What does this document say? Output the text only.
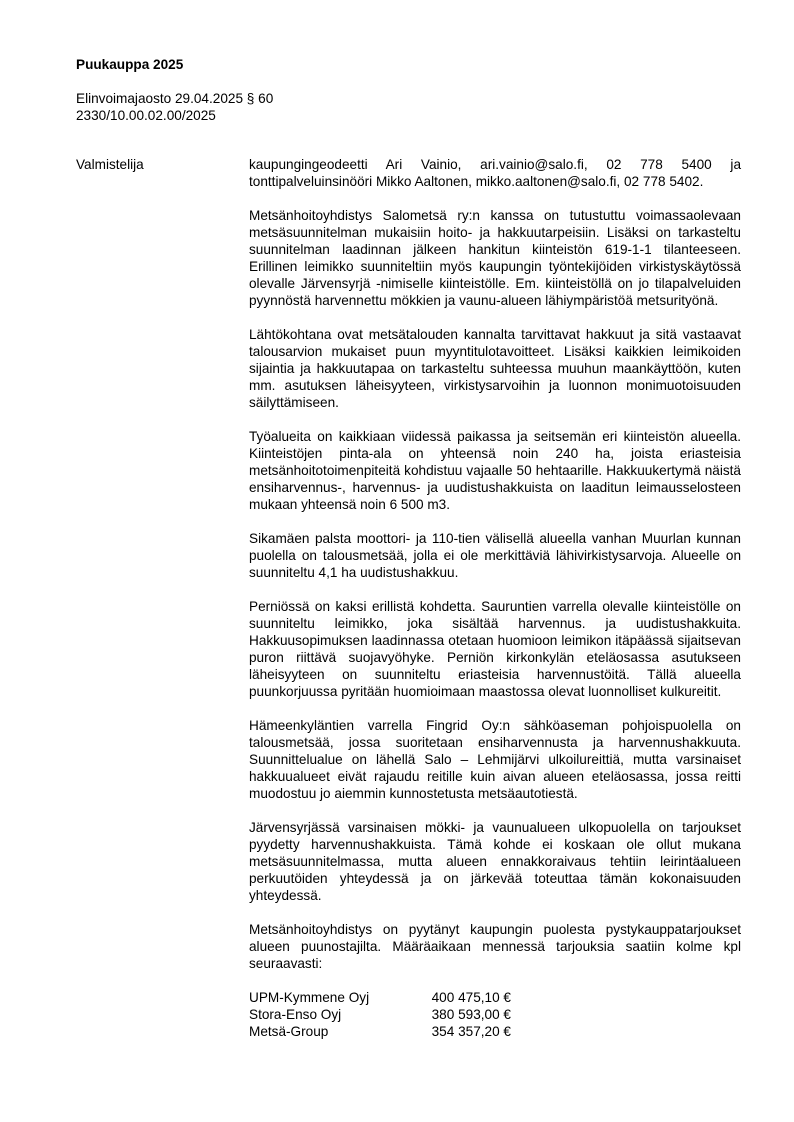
Puukauppa 2025
Elinvoimajaosto 29.04.2025 § 60
2330/10.00.02.00/2025
Valmistelija	kaupungingeodeetti Ari Vainio, ari.vainio@salo.fi, 02 778 5400 ja tonttipalveluinsinööri Mikko Aaltonen, mikko.aaltonen@salo.fi, 02 778 5402.

Metsänhoitoyhdistys Salometsä ry:n kanssa on tutustuttu voimassaolevaan metsäsuunnitelman mukaisiin hoito- ja hakkuutarpeisiin. Lisäksi on tarkasteltu suunnitelman laadinnan jälkeen hankitun kiinteistön 619-1-1 tilanteeseen. Erillinen leimikko suunniteltiin myös kaupungin työntekijöiden virkistyskäytössä olevalle Järvensyrjä -nimiselle kiinteistölle. Em. kiinteistöllä on jo tilapalveluiden pyynnöstä harvennettu mökkien ja vaunu-alueen lähiympäristöä metsurityönä.

Lähtökohtana ovat metsätalouden kannalta tarvittavat hakkuut ja sitä vastaavat talousarvion mukaiset puun myyntitulotavoitteet. Lisäksi kaikkien leimikoiden sijaintia ja hakkuutapaa on tarkasteltu suhteessa muuhun maankäyttöön, kuten mm. asutuksen läheisyyteen, virkistysarvoihin ja luonnon monimuotoisuuden säilyttämiseen.

Työalueita on kaikkiaan viidessä paikassa ja seitsemän eri kiinteistön alueella. Kiinteistöjen pinta-ala on yhteensä noin 240 ha, joista eriasteisia metsänhoitotoimenpiteitä kohdistuu vajaalle 50 hehtaarille. Hakkuukertymä näistä ensiharvennus-, harvennus- ja uudistushakkuista on laaditun leimausselosteen mukaan yhteensä noin 6 500 m3.

Sikamäen palsta moottori- ja 110-tien välisellä alueella vanhan Muurlan kunnan puolella on talousmetsää, jolla ei ole merkittäviä lähivirkistysarvoja. Alueelle on suunniteltu 4,1 ha uudistushakkuu.

Perniössä on kaksi erillistä kohdetta. Sauruntien varrella olevalle kiinteistölle on suunniteltu leimikko, joka sisältää harvennus. ja uudistushakkuita. Hakkuusopimuksen laadinnassa otetaan huomioon leimikon itäpäässä sijaitsevan puron riittävä suojavyöhyke. Perniön kirkonkylän eteläosassa asutukseen läheisyyteen on suunniteltu eriasteisia harvennustöitä. Tällä alueella puunkorjuussa pyritään huomioimaan maastossa olevat luonnolliset kulkureitit.

Hämeenkyläntien varrella Fingrid Oy:n sähköaseman pohjoispuolella on talousmetsää, jossa suoritetaan ensiharvennusta ja harvennushakkuuta. Suunnittelualue on lähellä Salo – Lehmijärvi ulkoilureittiä, mutta varsinaiset hakkuualueet eivät rajaudu reitille kuin aivan alueen eteläosassa, jossa reitti muodostuu jo aiemmin kunnostetusta metsäautotiestä.

Järvensyrjässä varsinaisen mökki- ja vaunualueen ulkopuolella on tarjoukset pyydetty harvennushakkuista. Tämä kohde ei koskaan ole ollut mukana metsäsuunnitelmassa, mutta alueen ennakkoraivaus tehtiin leirintäalueen perkuutöiden yhteydessä ja on järkevää toteuttaa tämän kokonaisuuden yhteydessä.

Metsänhoitoyhdistys on pyytänyt kaupungin puolesta pystykauppatarjoukset alueen puunostajilta. Määräaikaan mennessä tarjouksia saatiin kolme kpl seuraavasti:

UPM-Kymmene Oyj	400 475,10 €
Stora-Enso Oyj	380 593,00 €
Metsä-Group	354 357,20 €
